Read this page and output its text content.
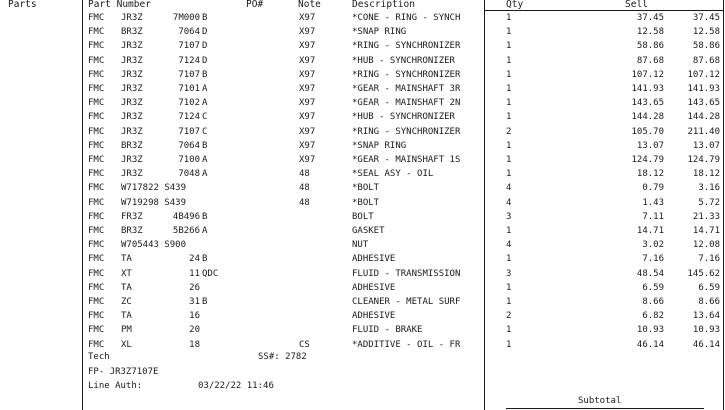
Parts	Part Number	PO#	Note	Description	Qty	Sell
FMC JR3Z	7M000 B	X97	*CONE - RING - SYNCH	1	37.45	37.45
FMC BR3Z	7064 D	X97	*SNAP RING	1	12.58	12.58
FMC JR3Z	7107 D	X97	*RING - SYNCHRONIZER	1	58.86	58.86
FMC JR3Z	7124 D	X97	*HUB - SYNCHRONIZER	1	87.68	87.68
FMC JR3Z	7107 B	X97	*RING - SYNCHRONIZER	1	107.12	107.12
FMC JR3Z	7101 A	X97	*GEAR - MAINSHAFT 3R	1	141.93	141.93
FMC JR3Z	7102 A	X97	*GEAR - MAINSHAFT 2N	1	143.65	143.65
FMC JR3Z	7124 C	X97	*HUB - SYNCHRONIZER	1	144.28	144.28
FMC JR3Z	7107 C	X97	*RING - SYNCHRONIZER	2	105.70	211.40
FMC BR3Z	7064 B	X97	*SNAP RING	1	13.07	13.07
FMC JR3Z	7100 A	X97	*GEAR - MAINSHAFT 1S	1	124.79	124.79
FMC JR3Z	7048 A	48	*SEAL ASY - OIL	1	18.12	18.12
FMC W717822 S439	48	*BOLT	4	0.79	3.16
FMC W719298 S439	48	*BOLT	4	1.43	5.72
FMC FR3Z	4B496 B	BOLT	3	7.11	21.33
FMC BR3Z	5B266 A	GASKET	1	14.71	14.71
FMC W705443 S900	NUT	4	3.02	12.08
FMC TA	24 B	ADHESIVE	1	7.16	7.16
FMC XT	11 QDC	FLUID - TRANSMISSION	3	48.54	145.62
FMC TA	26	ADHESIVE	1	6.59	6.59
FMC ZC	31 B	CLEANER - METAL SURF	1	8.66	8.66
FMC TA	16	ADHESIVE	2	6.82	13.64
FMC PM	20	FLUID - BRAKE	1	10.93	10.93
FMC XL	18	CS	*ADDITIVE - OIL - FR	1	46.14	46.14
Tech	SS#: 2782
FP- JR3Z7107E
Line Auth:	03/22/22 11:46
Subtotal
